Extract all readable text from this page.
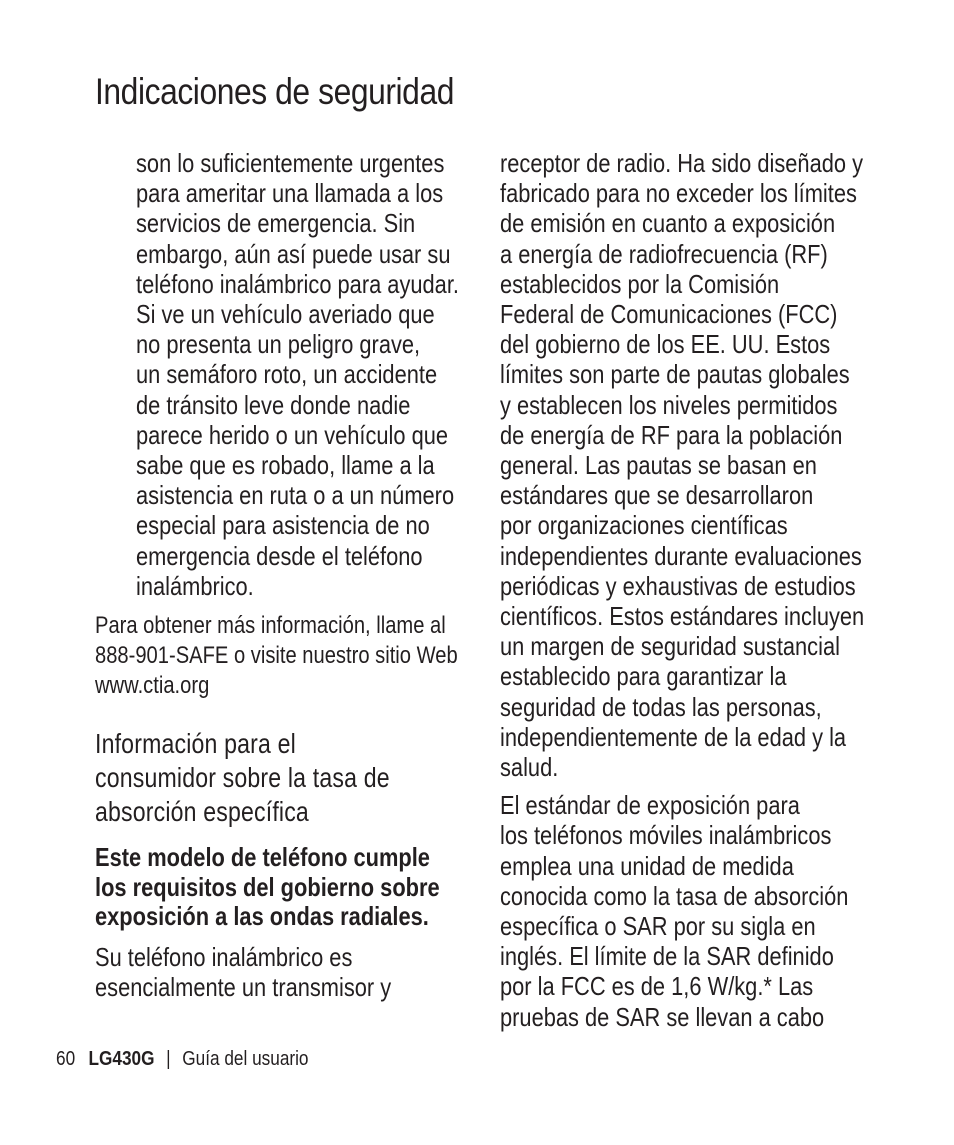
Indicaciones de seguridad
son lo suficientemente urgentes
para ameritar una llamada a los
servicios de emergencia. Sin
embargo, aún así puede usar su
teléfono inalámbrico para ayudar.
Si ve un vehículo averiado que
no presenta un peligro grave,
un semáforo roto, un accidente
de tránsito leve donde nadie
parece herido o un vehículo que
sabe que es robado, llame a la
asistencia en ruta o a un número
especial para asistencia de no
emergencia desde el teléfono
inalámbrico.
Para obtener más información, llame al
888-901-SAFE o visite nuestro sitio Web
www.ctia.org
Información para el
consumidor sobre la tasa de
absorción específica
Este modelo de teléfono cumple
los requisitos del gobierno sobre
exposición a las ondas radiales.
Su teléfono inalámbrico es
esencialmente un transmisor y
receptor de radio. Ha sido diseñado y
fabricado para no exceder los límites
de emisión en cuanto a exposición
a energía de radiofrecuencia (RF)
establecidos por la Comisión
Federal de Comunicaciones (FCC)
del gobierno de los EE. UU. Estos
límites son parte de pautas globales
y establecen los niveles permitidos
de energía de RF para la población
general. Las pautas se basan en
estándares que se desarrollaron
por organizaciones científicas
independientes durante evaluaciones
periódicas y exhaustivas de estudios
científicos. Estos estándares incluyen
un margen de seguridad sustancial
establecido para garantizar la
seguridad de todas las personas,
independientemente de la edad y la
salud.
El estándar de exposición para
los teléfonos móviles inalámbricos
emplea una unidad de medida
conocida como la tasa de absorción
específica o SAR por su sigla en
inglés. El límite de la SAR definido
por la FCC es de 1,6 W/kg.* Las
pruebas de SAR se llevan a cabo
60 LG430G | Guía del usuario
